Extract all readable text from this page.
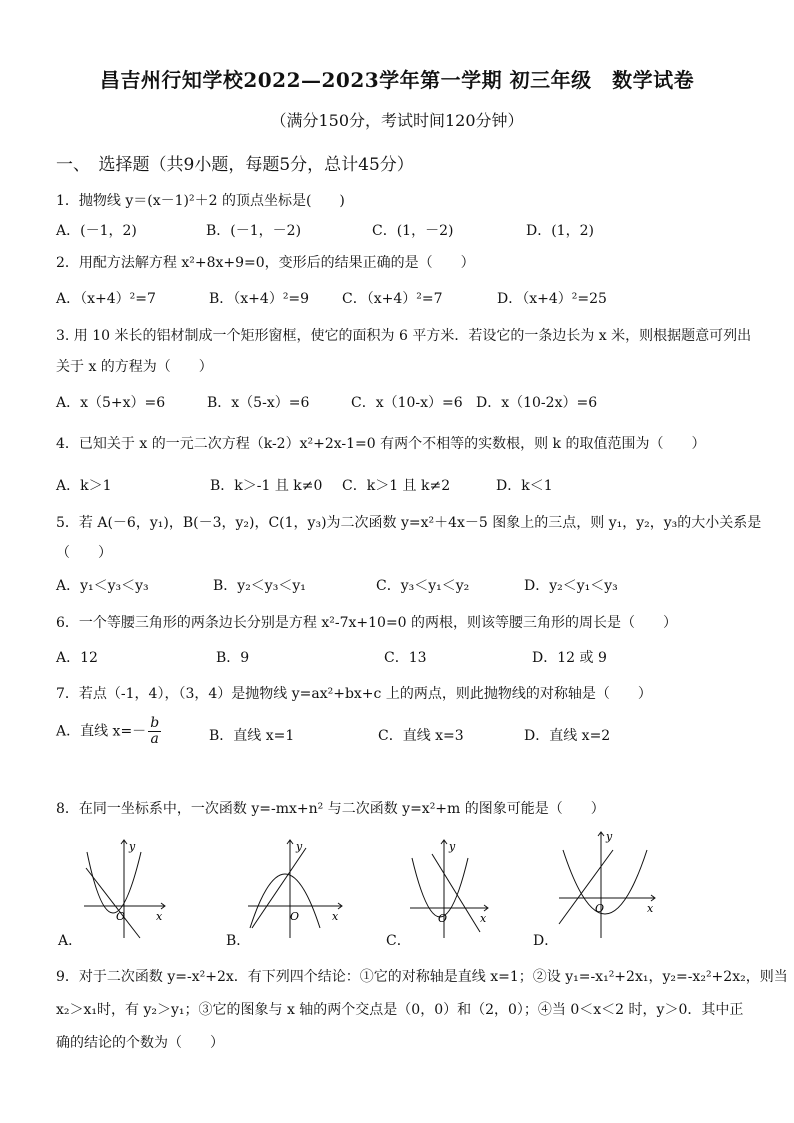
昌吉州行知学校2022—2023学年第一学期 初三年级　数学试卷
（满分150分，考试时间120分钟）
一、　选择题（共9小题，每题5分，总计45分）
1．抛物线 y＝(x－1)²＋2 的顶点坐标是(　　)
A．(－1，2)	B．(－1，－2)	C．(1，－2)	D．(1，2)
2．用配方法解方程 x²+8x+9=0，变形后的结果正确的是（　　）
A．（x+4）²=7	B．（x+4）²=9 C．（x+4）²=7	D．（x+4）²=25
3. 用 10 米长的铝材制成一个矩形窗框，使它的面积为 6 平方米．若设它的一条边长为 x 米，则根据题意可列出
关于 x 的方程为（　　）
A．x（5+x）=6	B．x（5-x）=6	C．x（10-x）=6 D．x（10-2x）=6
4．已知关于 x 的一元二次方程（k-2）x²+2x-1=0 有两个不相等的实数根，则 k 的取值范围为（　　）
A．k＞1	B．k＞-1 且 k≠0 C．k＞1 且 k≠2	D．k＜1
5．若 A(－6，y₁)，B(－3，y₂)，C(1，y₃)为二次函数 y=x²＋4x－5 图象上的三点，则 y₁，y₂，y₃的大小关系是
（　　）
A．y₁＜y₃＜y₃	B．y₂＜y₃＜y₁	C．y₃＜y₁＜y₂	D．y₂＜y₁＜y₃
6．一个等腰三角形的两条边长分别是方程 x²-7x+10=0 的两根，则该等腰三角形的周长是（　　）
A．12	B．9	C．13	D．12 或 9
7．若点（-1，4），（3，4）是抛物线 y=ax²+bx+c 上的两点，则此抛物线的对称轴是（　　）
A．直线 $x=- \frac{b}{a}$	B．直线 x=1	C．直线 x=3	D．直线 x=2
8．在同一坐标系中，一次函数 y=-mx+n² 与二次函数 y=x²+m 的图象可能是（　　）
y
x
O
A．
y
x
O
B．
y
x
O
C．
y
x
O
D．
9．对于二次函数 y=-x²+2x．有下列四个结论：①它的对称轴是直线 x=1；②设 y₁=-x₁²+2x₁，y₂=-x₂²+2x₂，则当
x₂＞x₁时，有 y₂＞y₁；③它的图象与 x 轴的两个交点是（0，0）和（2，0）；④当 0＜x＜2 时，y＞0．其中正
确的结论的个数为（　　）
